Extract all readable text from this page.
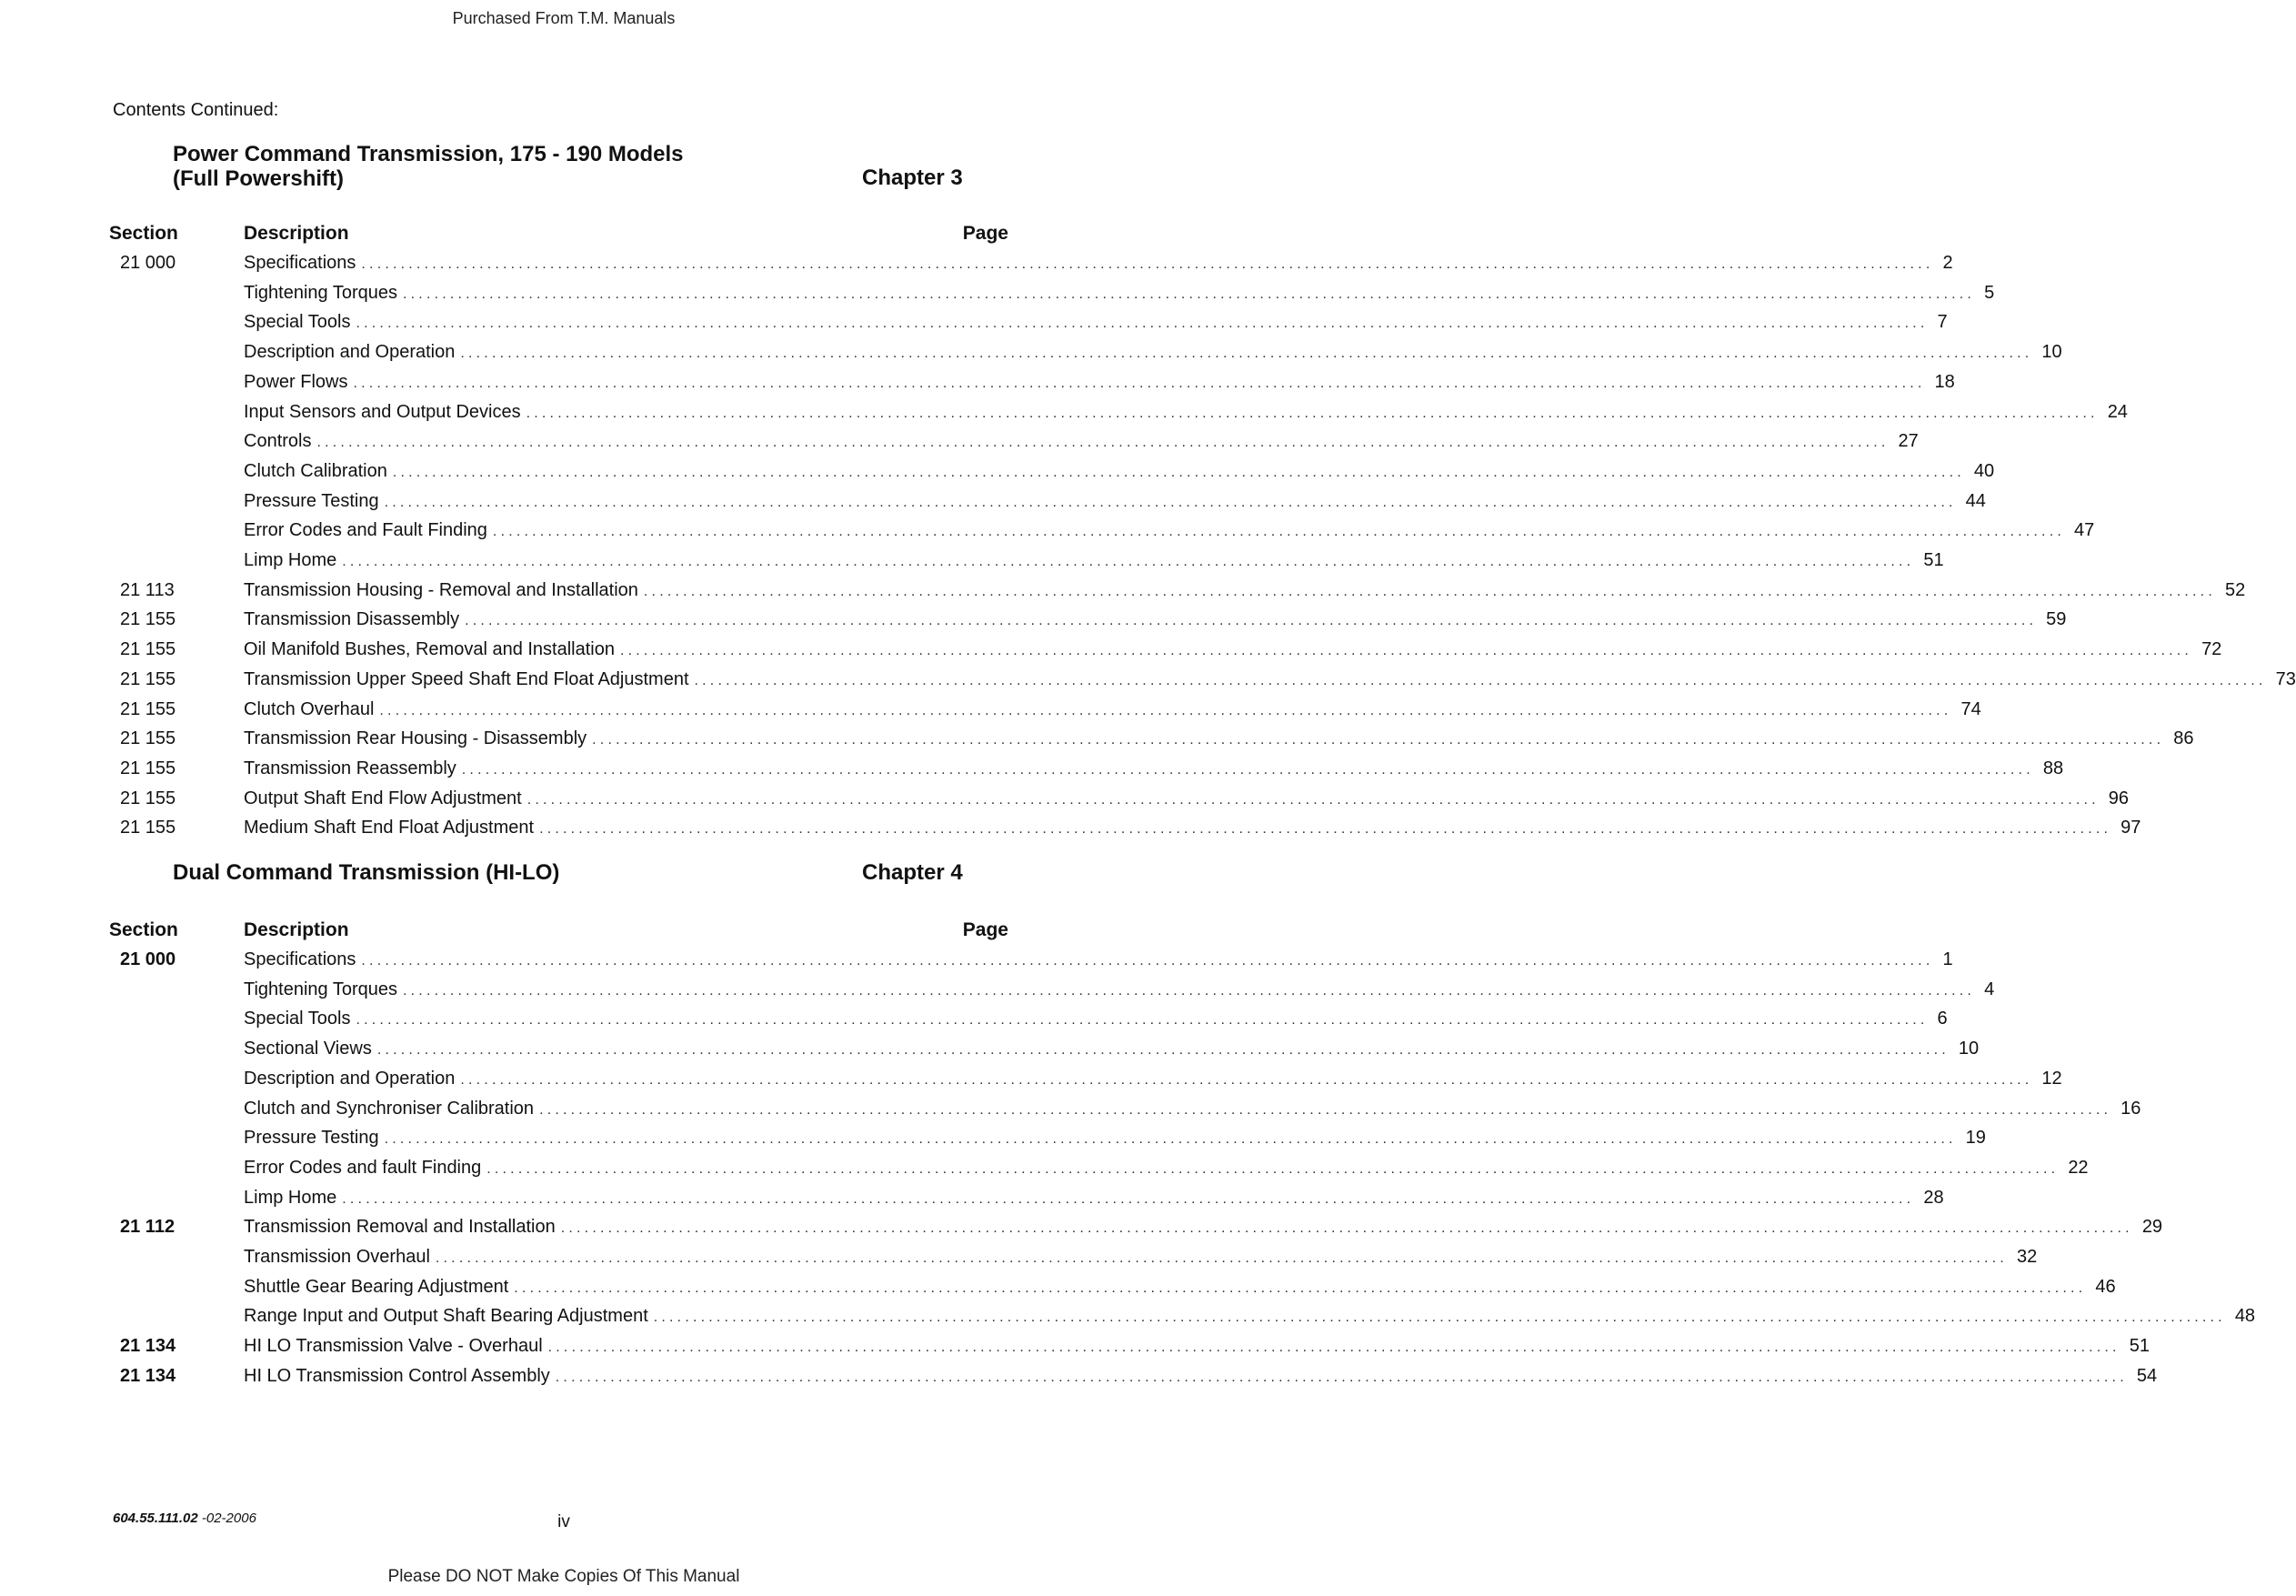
Purchased From T.M. Manuals
Contents Continued:
Power Command Transmission, 175 - 190 Models
(Full Powershift)	Chapter 3
Section	Description	Page
21 000	Specifications ........................................................................................................................................................................................................ 2
Tightening Torques ........................................................................................................................................................................................................ 5
Special Tools ........................................................................................................................................................................................................ 7
Description and Operation ........................................................................................................................................................................................................ 10
Power Flows ........................................................................................................................................................................................................ 18
Input Sensors and Output Devices ........................................................................................................................................................................................................ 24
Controls ........................................................................................................................................................................................................ 27
Clutch Calibration ........................................................................................................................................................................................................ 40
Pressure Testing ........................................................................................................................................................................................................ 44
Error Codes and Fault Finding ........................................................................................................................................................................................................ 47
Limp Home ........................................................................................................................................................................................................ 51
21 113	Transmission Housing - Removal and Installation ........................................................................................................................................................................................................ 52
21 155	Transmission Disassembly ........................................................................................................................................................................................................ 59
21 155	Oil Manifold Bushes, Removal and Installation ........................................................................................................................................................................................................ 72
21 155	Transmission Upper Speed Shaft End Float Adjustment ........................................................................................................................................................................................................ 73
21 155	Clutch Overhaul ........................................................................................................................................................................................................ 74
21 155	Transmission Rear Housing - Disassembly ........................................................................................................................................................................................................ 86
21 155	Transmission Reassembly ........................................................................................................................................................................................................ 88
21 155	Output Shaft End Flow Adjustment ........................................................................................................................................................................................................ 96
21 155	Medium Shaft End Float Adjustment ........................................................................................................................................................................................................ 97
Dual Command Transmission (HI-LO)	Chapter 4
Section	Description	Page
21 000	Specifications ........................................................................................................................................................................................................ 1
Tightening Torques ........................................................................................................................................................................................................ 4
Special Tools ........................................................................................................................................................................................................ 6
Sectional Views ........................................................................................................................................................................................................ 10
Description and Operation ........................................................................................................................................................................................................ 12
Clutch and Synchroniser Calibration ........................................................................................................................................................................................................ 16
Pressure Testing ........................................................................................................................................................................................................ 19
Error Codes and fault Finding ........................................................................................................................................................................................................ 22
Limp Home ........................................................................................................................................................................................................ 28
21 112	Transmission Removal and Installation ........................................................................................................................................................................................................ 29
Transmission Overhaul ........................................................................................................................................................................................................ 32
Shuttle Gear Bearing Adjustment ........................................................................................................................................................................................................ 46
Range Input and Output Shaft Bearing Adjustment ........................................................................................................................................................................................................ 48
21 134	HI LO Transmission Valve - Overhaul ........................................................................................................................................................................................................ 51
21 134	HI LO Transmission Control Assembly ........................................................................................................................................................................................................ 54
604.55.111.02 -02-2006	iv
Please DO NOT Make Copies Of This Manual
